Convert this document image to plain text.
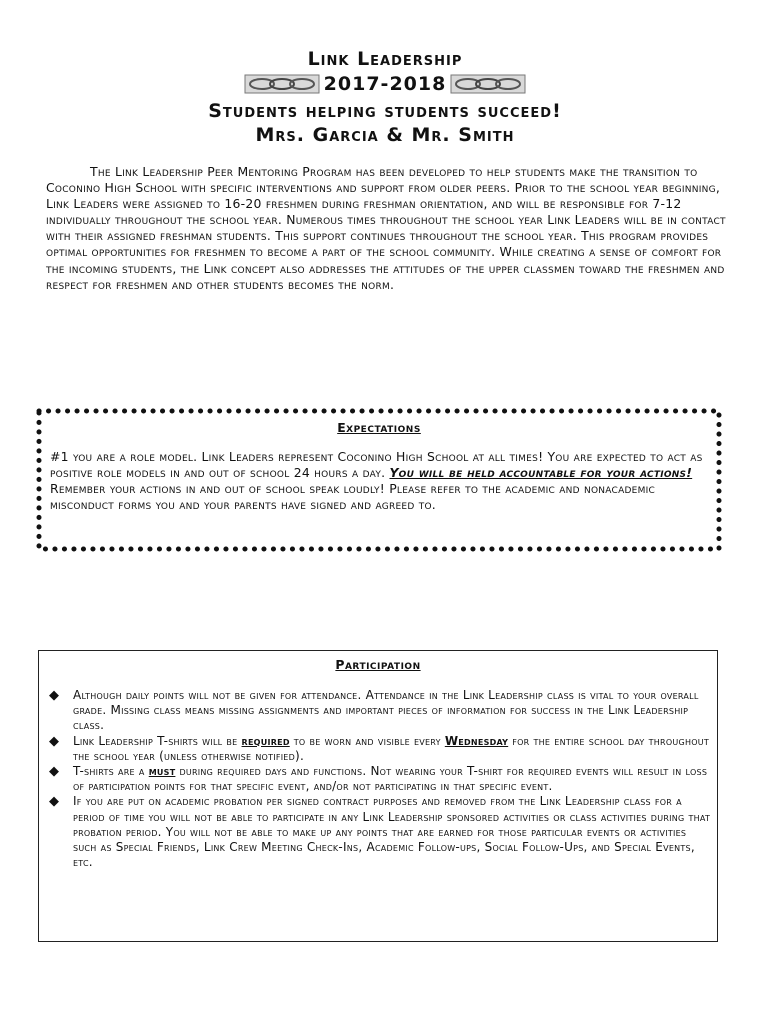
Link Leadership
2017-2018
Students helping students succeed!
Mrs. Garcia & Mr. Smith
The Link Leadership Peer Mentoring Program has been developed to help students make the transition to Coconino High School with specific interventions and support from older peers. Prior to the school year beginning, Link Leaders were assigned to 16-20 freshmen during freshman orientation, and will be responsible for 7-12 individually throughout the school year. Numerous times throughout the school year Link Leaders will be in contact with their assigned freshman students. This support continues throughout the school year. This program provides optimal opportunities for freshmen to become a part of the school community. While creating a sense of comfort for the incoming students, the Link concept also addresses the attitudes of the upper classmen toward the freshmen and respect for freshmen and other students becomes the norm.
Expectations
#1 you are a role model. Link Leaders represent Coconino High School at all times! You are expected to act as positive role models in and out of school 24 hours a day. You will be held accountable for your actions! Remember your actions in and out of school speak loudly! Please refer to the academic and nonacademic misconduct forms you and your parents have signed and agreed to.
Participation
◆ Although daily points will not be given for attendance. Attendance in the Link Leadership class is vital to your overall grade. Missing class means missing assignments and important pieces of information for success in the Link Leadership class.
◆ Link Leadership T-shirts will be required to be worn and visible every Wednesday for the entire school day throughout the school year (unless otherwise notified).
◆ T-shirts are a must during required days and functions. Not wearing your T-shirt for required events will result in loss of participation points for that specific event, and/or not participating in that specific event.
◆ If you are put on academic probation per signed contract purposes and removed from the Link Leadership class for a period of time you will not be able to participate in any Link Leadership sponsored activities or class activities during that probation period. You will not be able to make up any points that are earned for those particular events or activities such as Special Friends, Link Crew Meeting Check-Ins, Academic Follow-ups, Social Follow-Ups, and Special Events, etc.
